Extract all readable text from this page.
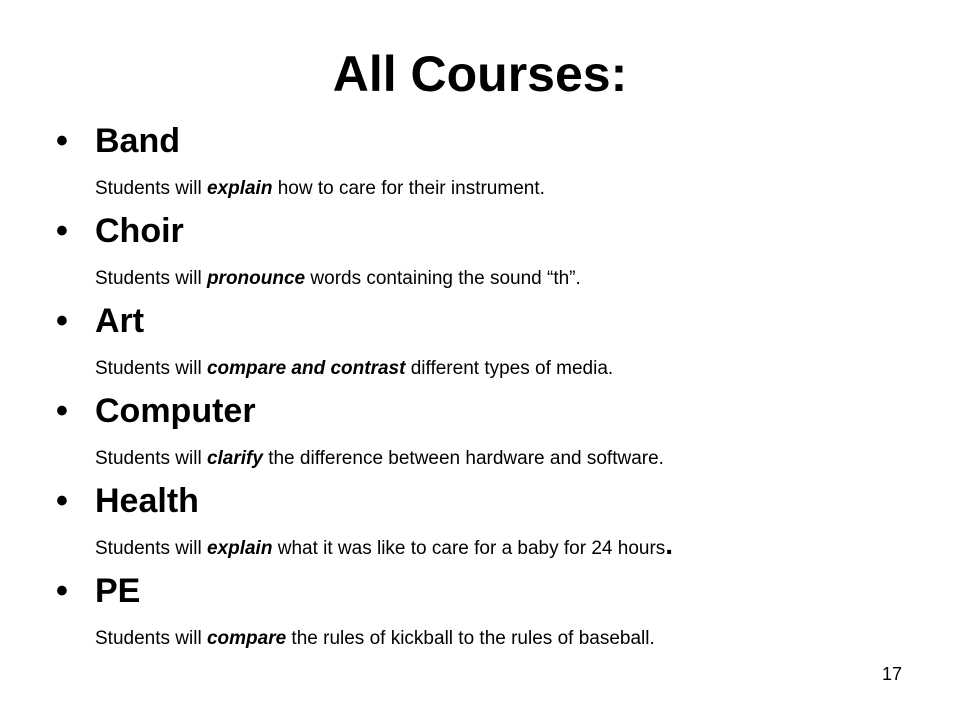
All Courses:
• Band
Students will explain how to care for their instrument.
• Choir
Students will pronounce words containing the sound “th”.
• Art
Students will compare and contrast different types of media.
• Computer
Students will clarify the difference between hardware and software.
• Health
Students will explain what it was like to care for a baby for 24 hours.
• PE
Students will compare the rules of kickball to the rules of baseball.
17
